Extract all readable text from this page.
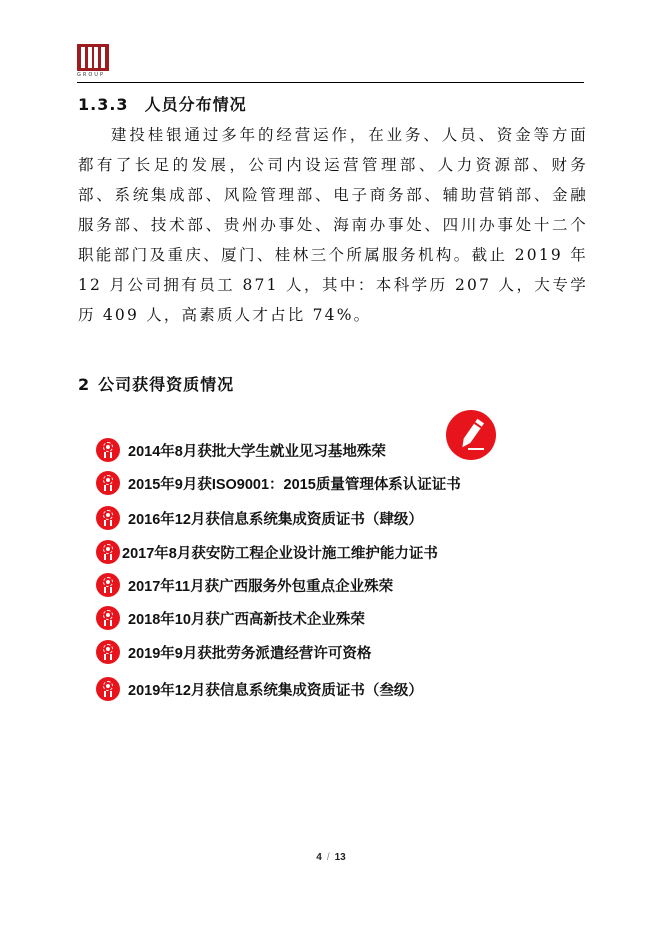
GROUP
1.3.3 人员分布情况
建投桂银通过多年的经营运作，在业务、人员、资金等方面都有了长足的发展，公司内设运营管理部、人力资源部、财务部、系统集成部、风险管理部、电子商务部、辅助营销部、金融服务部、技术部、贵州办事处、海南办事处、四川办事处十二个职能部门及重庆、厦门、桂林三个所属服务机构。截止 2019 年 12 月公司拥有员工 871 人，其中：本科学历 207 人，大专学历 409 人，高素质人才占比 74%。
2 公司获得资质情况
2014年8月获批大学生就业见习基地殊荣
2015年9月获ISO9001：2015质量管理体系认证证书
2016年12月获信息系统集成资质证书（肆级）
2017年8月获安防工程企业设计施工维护能力证书
2017年11月获广西服务外包重点企业殊荣
2018年10月获广西高新技术企业殊荣
2019年9月获批劳务派遣经营许可资格
2019年12月获信息系统集成资质证书（叁级）
4 / 13
